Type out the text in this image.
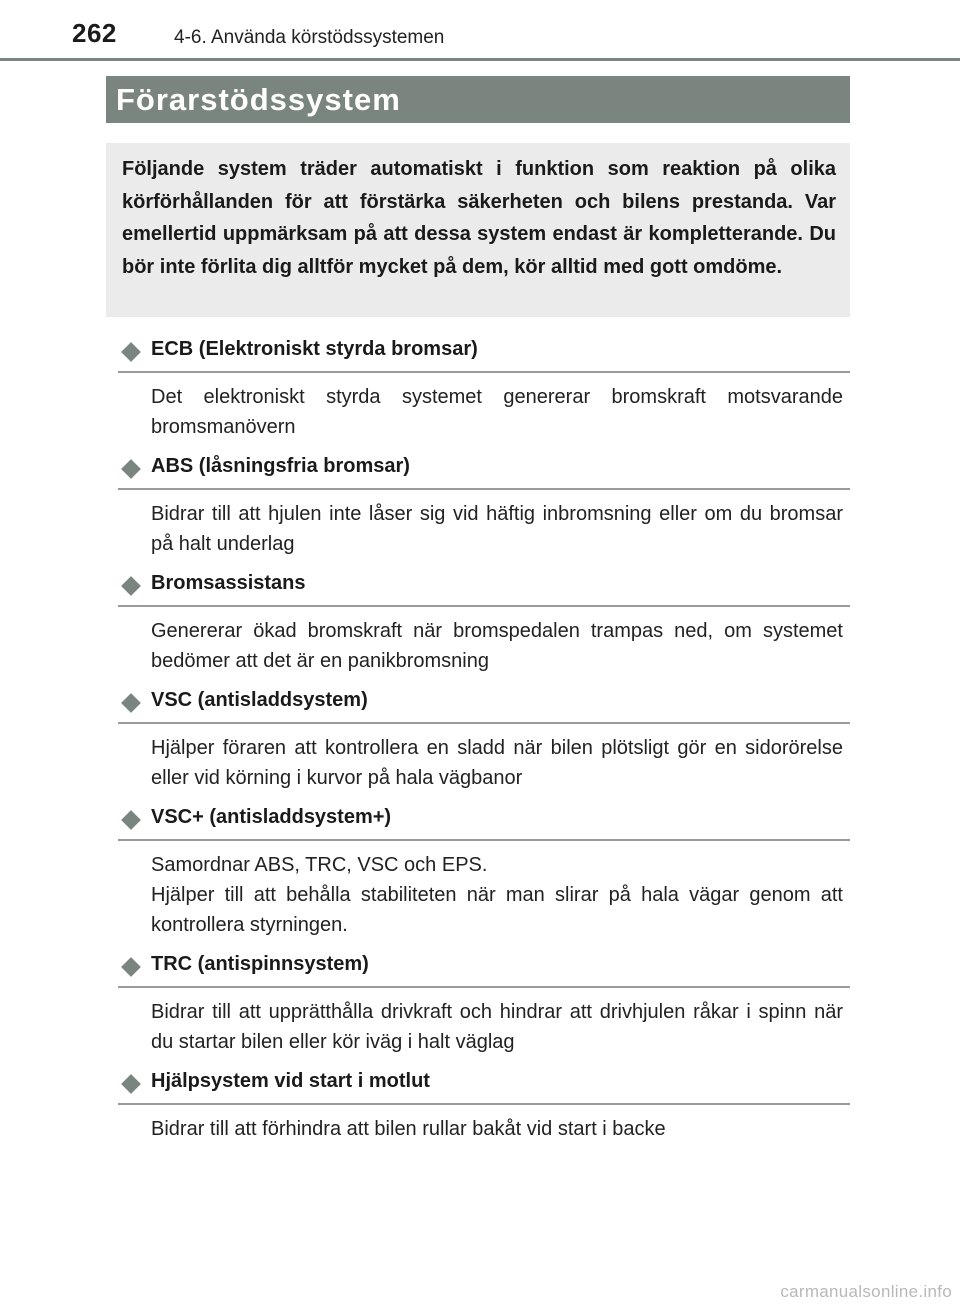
262	4-6. Använda körstödssystemen
Förarstödssystem
Följande system träder automatiskt i funktion som reaktion på olika körförhållanden för att förstärka säkerheten och bilens prestanda. Var emellertid uppmärksam på att dessa system endast är kompletterande. Du bör inte förlita dig alltför mycket på dem, kör alltid med gott omdöme.
ECB (Elektroniskt styrda bromsar)

Det elektroniskt styrda systemet genererar bromskraft motsvarande bromsmanövern

ABS (låsningsfria bromsar)

Bidrar till att hjulen inte låser sig vid häftig inbromsning eller om du bromsar på halt underlag

Bromsassistans

Genererar ökad bromskraft när bromspedalen trampas ned, om systemet bedömer att det är en panikbromsning

VSC (antisladdsystem)

Hjälper föraren att kontrollera en sladd när bilen plötsligt gör en sidorörelse eller vid körning i kurvor på hala vägbanor

VSC+ (antisladdsystem+)

Samordnar ABS, TRC, VSC och EPS.

Hjälper till att behålla stabiliteten när man slirar på hala vägar genom att kontrollera styrningen.

TRC (antispinnsystem)

Bidrar till att upprätthålla drivkraft och hindrar att drivhjulen råkar i spinn när du startar bilen eller kör iväg i halt väglag

Hjälpsystem vid start i motlut

Bidrar till att förhindra att bilen rullar bakåt vid start i backe

carmanualsonline.info
